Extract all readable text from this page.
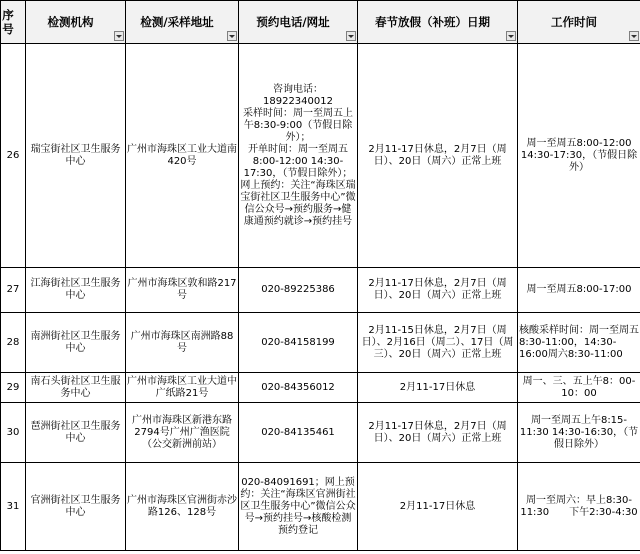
序号	检测机构	检测/采样地址	预约电话/网址	春节放假（补班）日期	工作时间

26	瑞宝街社区卫生服务中心	广州市海珠区工业大道南420号	咨询电话：18922340012
采样时间：周一至周五上午8:30-9:00（节假日除外）；
开单时间：周一至周五8:00-12:00 14:30-17:30，（节假日除外）；
网上预约：关注“海珠区瑞宝街社区卫生服务中心”微信公众号→预约服务→健康通预约就诊→预约挂号	2月11-17日休息，2月7日（周日）、20日（周六）正常上班	周一至周五8:00-12:00 14:30-17:30，（节假日除外）
27	江海街社区卫生服务中心	广州市海珠区敦和路217号	020-89225386	2月11-17日休息，2月7日（周日）、20日（周六）正常上班	周一至周五8:00-17:00
28	南洲街社区卫生服务中心	广州市海珠区南洲路88号	020-84158199	2月11-15日休息，2月7日（周日）、2月16日（周二）、17日（周三）、20日（周六）正常上班	核酸采样时间：周一至周五8:30-11:00，14:30-16:00周六8:30-11:00
29	南石头街社区卫生服务中心	广州市海珠区工业大道中广纸路21号	020-84356012	2月11-17日休息	周一、三、五上午8：00-10：00
30	琶洲街社区卫生服务中心	广州市海珠区新港东路2794号广州广渔医院（公交新洲前站）	020-84135461	2月11-17日休息，2月7日（周日）、20日（周六）正常上班	周一至周五上午8:15-11:30 14:30-16:30，（节假日除外）
31	官洲街社区卫生服务中心	广州市海珠区官洲街赤沙路126、128号	020-84091691；网上预约：关注“海珠区官洲街社区卫生服务中心”微信公众号→预约挂号→核酸检测预约登记	2月11-17日休息	周一至周六：早上8:30-11:30　　下午2:30-4:30
